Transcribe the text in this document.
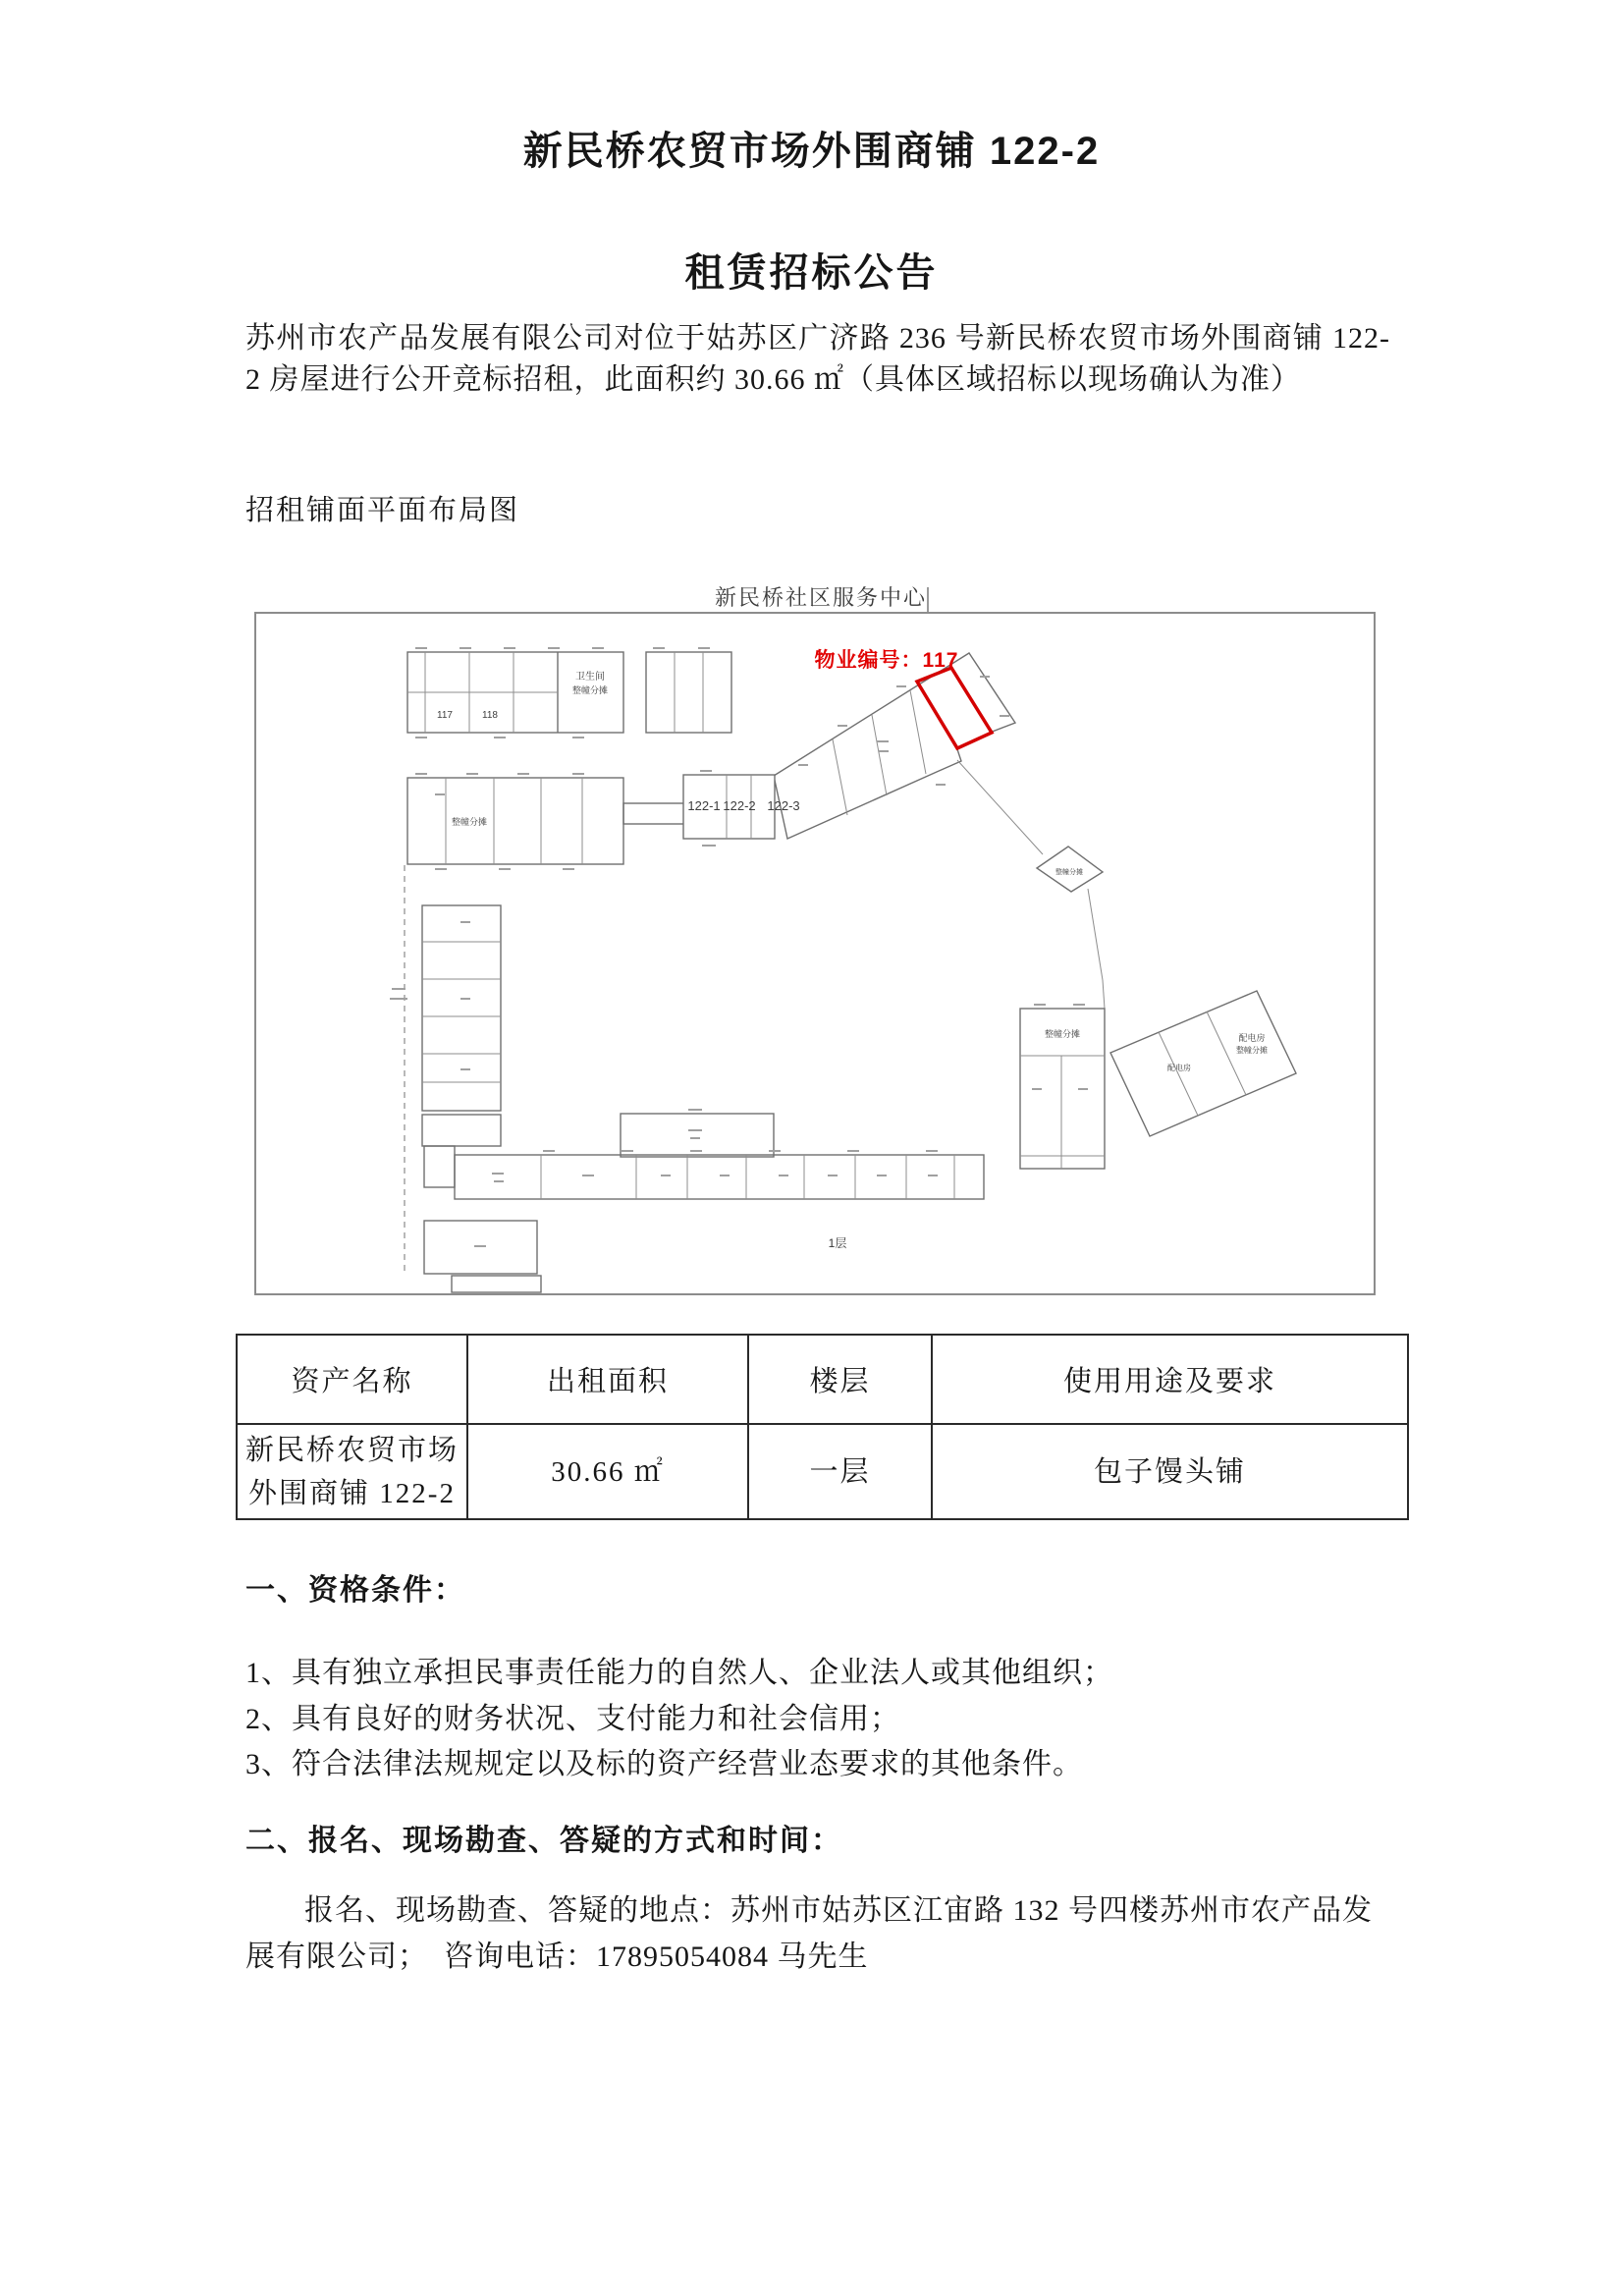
新民桥农贸市场外围商铺 122-2
租赁招标公告

苏州市农产品发展有限公司对位于姑苏区广济路 236 号新民桥农贸市场外围商铺 122-2 房屋进行公开竞标招租，此面积约 30.66 ㎡（具体区域招标以现场确认为准）

招租铺面平面布局图

新民桥社区服务中心
物业编号：117
117	118
卫生间
整幢分摊
整幢分摊
122-1 122-2 122-3
整幢分摊	配电房
整幢分摊
配电房
整幢分摊
1层
资产名称	出租面积	楼层	使用用途及要求

新民桥农贸市场
外围商铺 122-2	30.66 ㎡	一层	包子馒头铺
一、资格条件：
1、具有独立承担民事责任能力的自然人、企业法人或其他组织；
2、具有良好的财务状况、支付能力和社会信用；
3、符合法律法规规定以及标的资产经营业态要求的其他条件。
二、报名、现场勘查、答疑的方式和时间：

报名、现场勘查、答疑的地点：苏州市姑苏区江宙路 132 号四楼苏州市农产品发展有限公司；　咨询电话：17895054084 马先生
